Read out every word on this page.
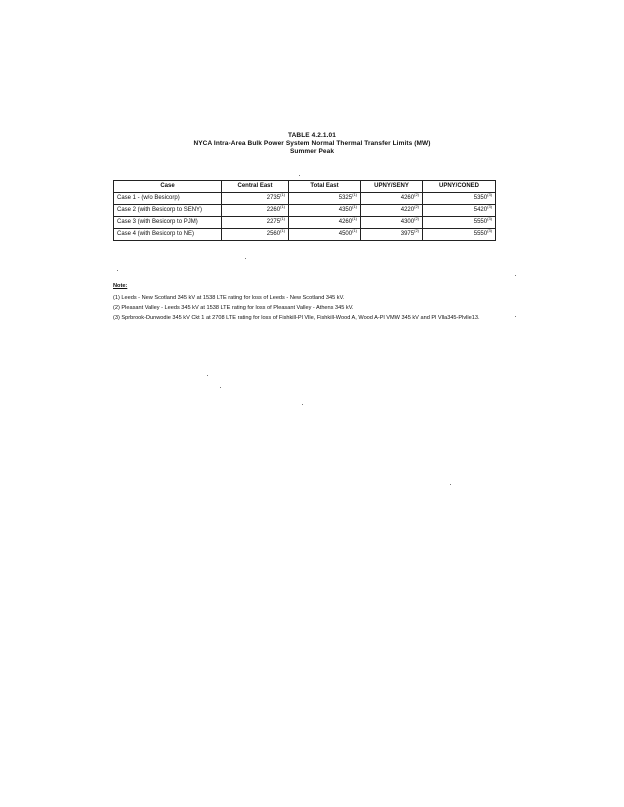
TABLE 4.2.1.01
NYCA Intra-Area Bulk Power System Normal Thermal Transfer Limits (MW)
Summer Peak
Case	Central East	Total East	UPNY/SENY	UPNY/CONED
Case 1 - (w/o Besicorp)	2735$^{(1)}$	5325$^{(1)}$	4260$^{(2)}$	5350$^{(3)}$
Case 2 (with Besicorp to SENY)	2260$^{(1)}$	4350$^{(1)}$	4220$^{(2)}$	5420$^{(3)}$
Case 3 (with Besicorp to PJM)	2275$^{(1)}$	4260$^{(1)}$	4300$^{(2)}$	5550$^{(3)}$
Case 4 (with Besicorp to NE)	2560$^{(1)}$	4500$^{(1)}$	3975$^{(2)}$	5550$^{(3)}$
Note:
(1) Leeds - New Scotland 345 kV at 1538 LTE rating for loss of Leeds - New Scotland 345 kV.
(2) Pleasant Valley - Leeds 345 kV at 1538 LTE rating for loss of Pleasant Valley - Athens 345 kV.
(3) Sprbrook-Dunwodie 345 kV Ckt 1 at 2708 LTE rating for loss of Fishkill-Pl Vlle, Fishkill-Wood A, Wood A-Pl VMW 345 kV and Pl Vlla345-Plvlle13.
